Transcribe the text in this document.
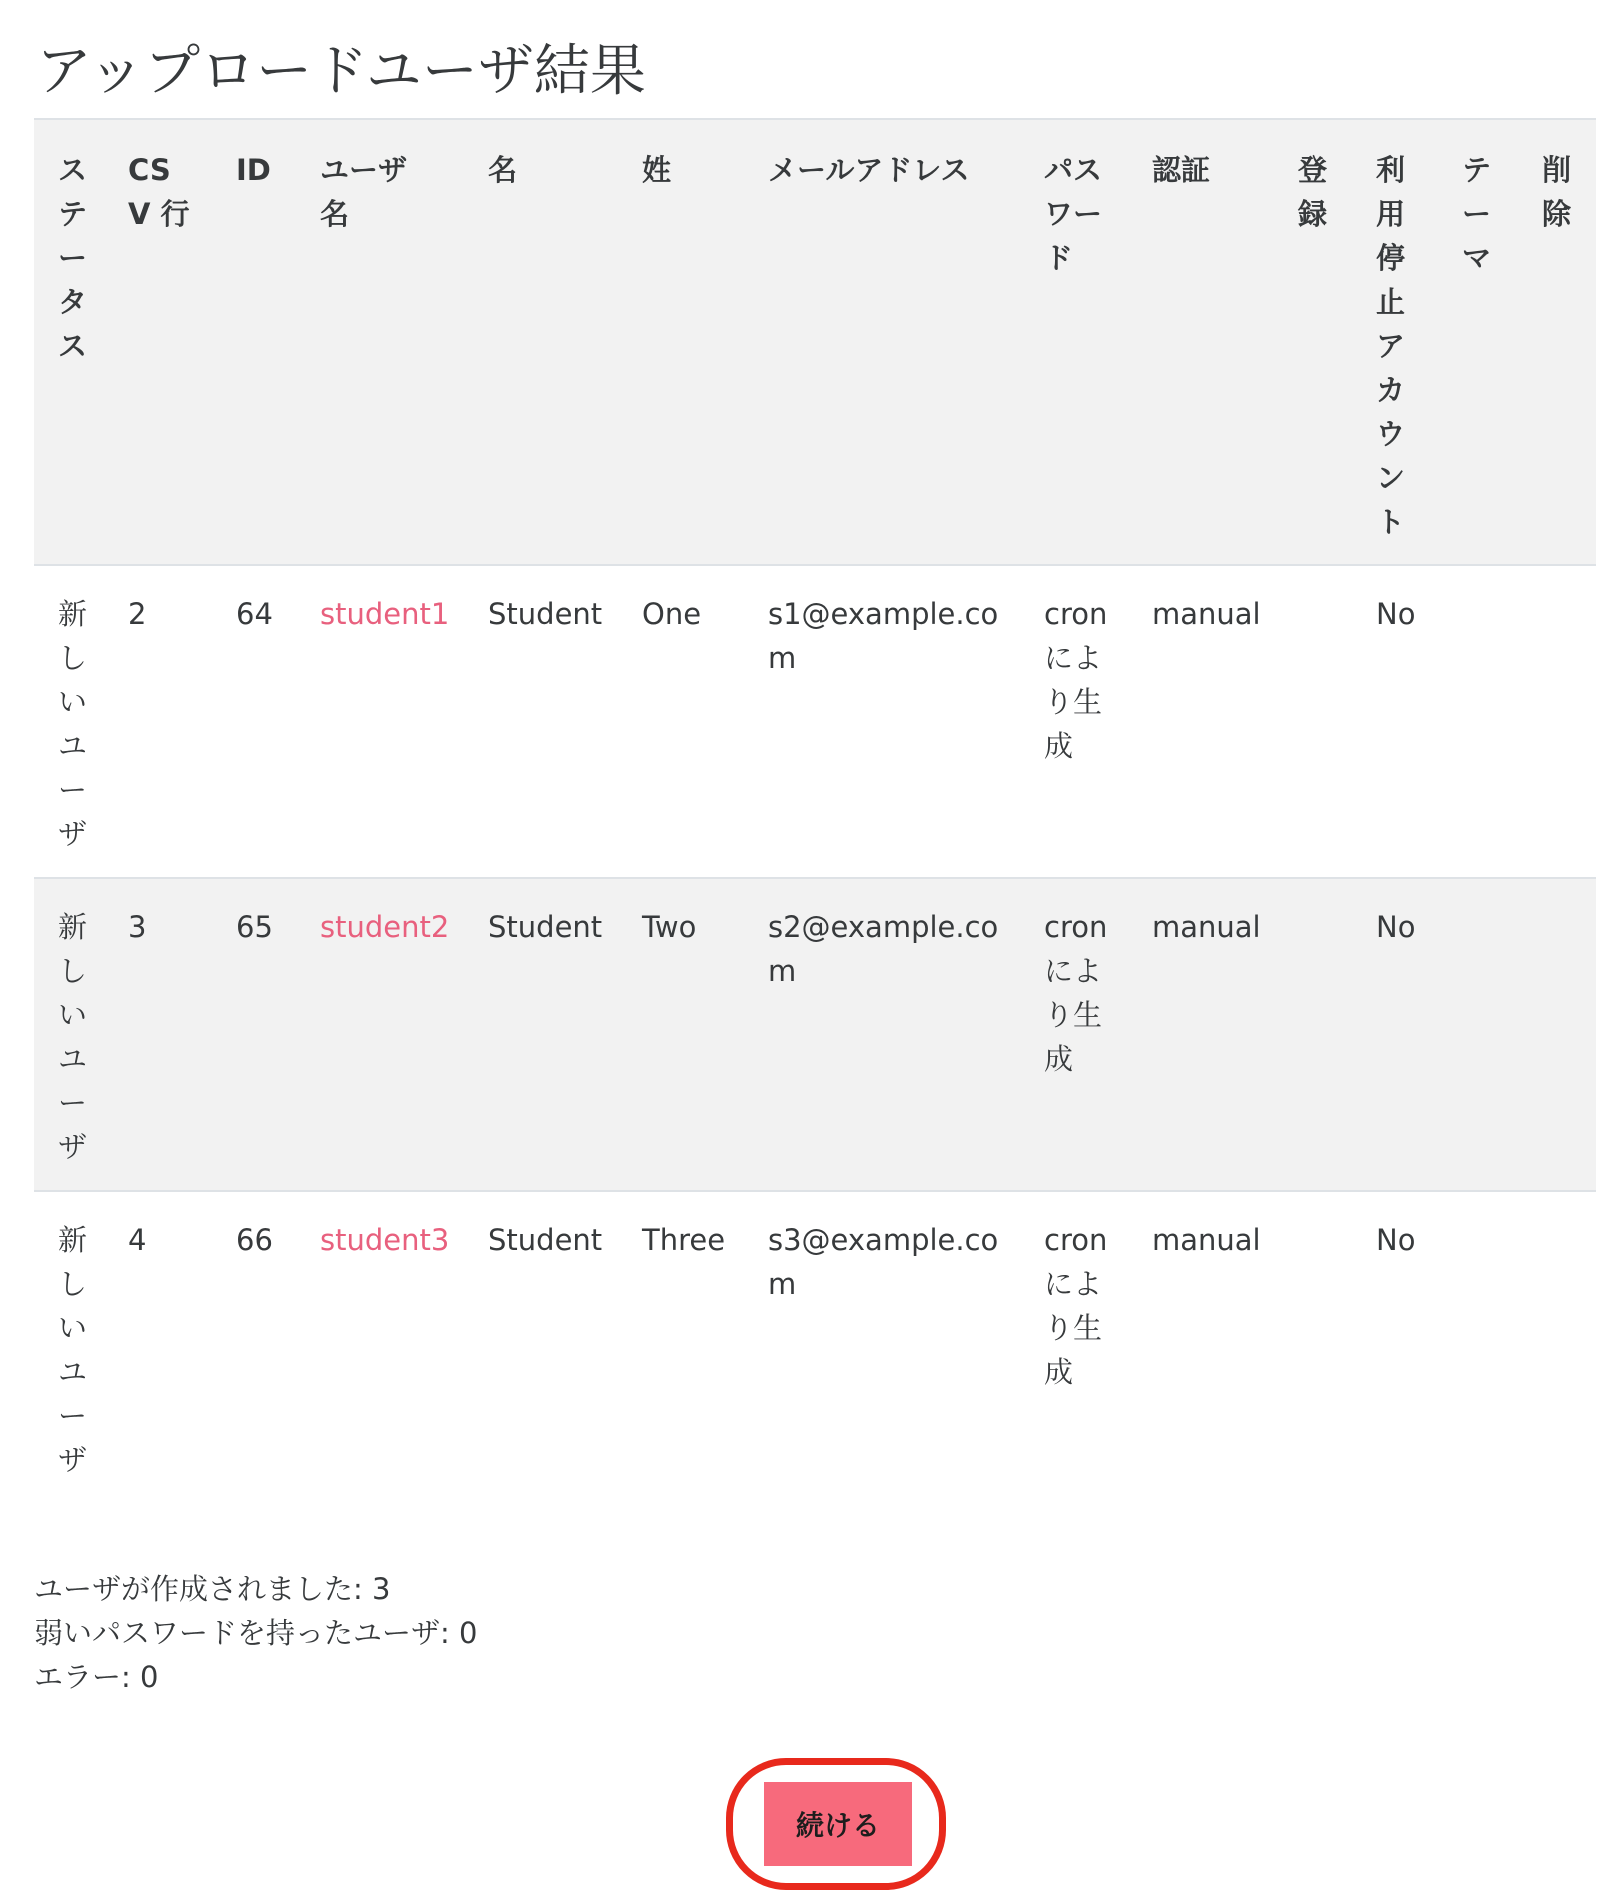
アップロードユーザ結果
ステータス	CSV 行	ID	ユーザ名	名	姓	メールアドレス	パスワード	認証	登録	利用停止アカウント	テーマ	削除

新しいユーザ	2	64	student1	Student	One	s1@example.com	cronにより生成	manual		No		

新しいユーザ	3	65	student2	Student	Two	s2@example.com	cronにより生成	manual		No		

新しいユーザ	4	66	student3	Student	Three	s3@example.com	cronにより生成	manual		No		

ユーザが作成されました: 3
弱いパスワードを持ったユーザ: 0
エラー: 0
続ける
